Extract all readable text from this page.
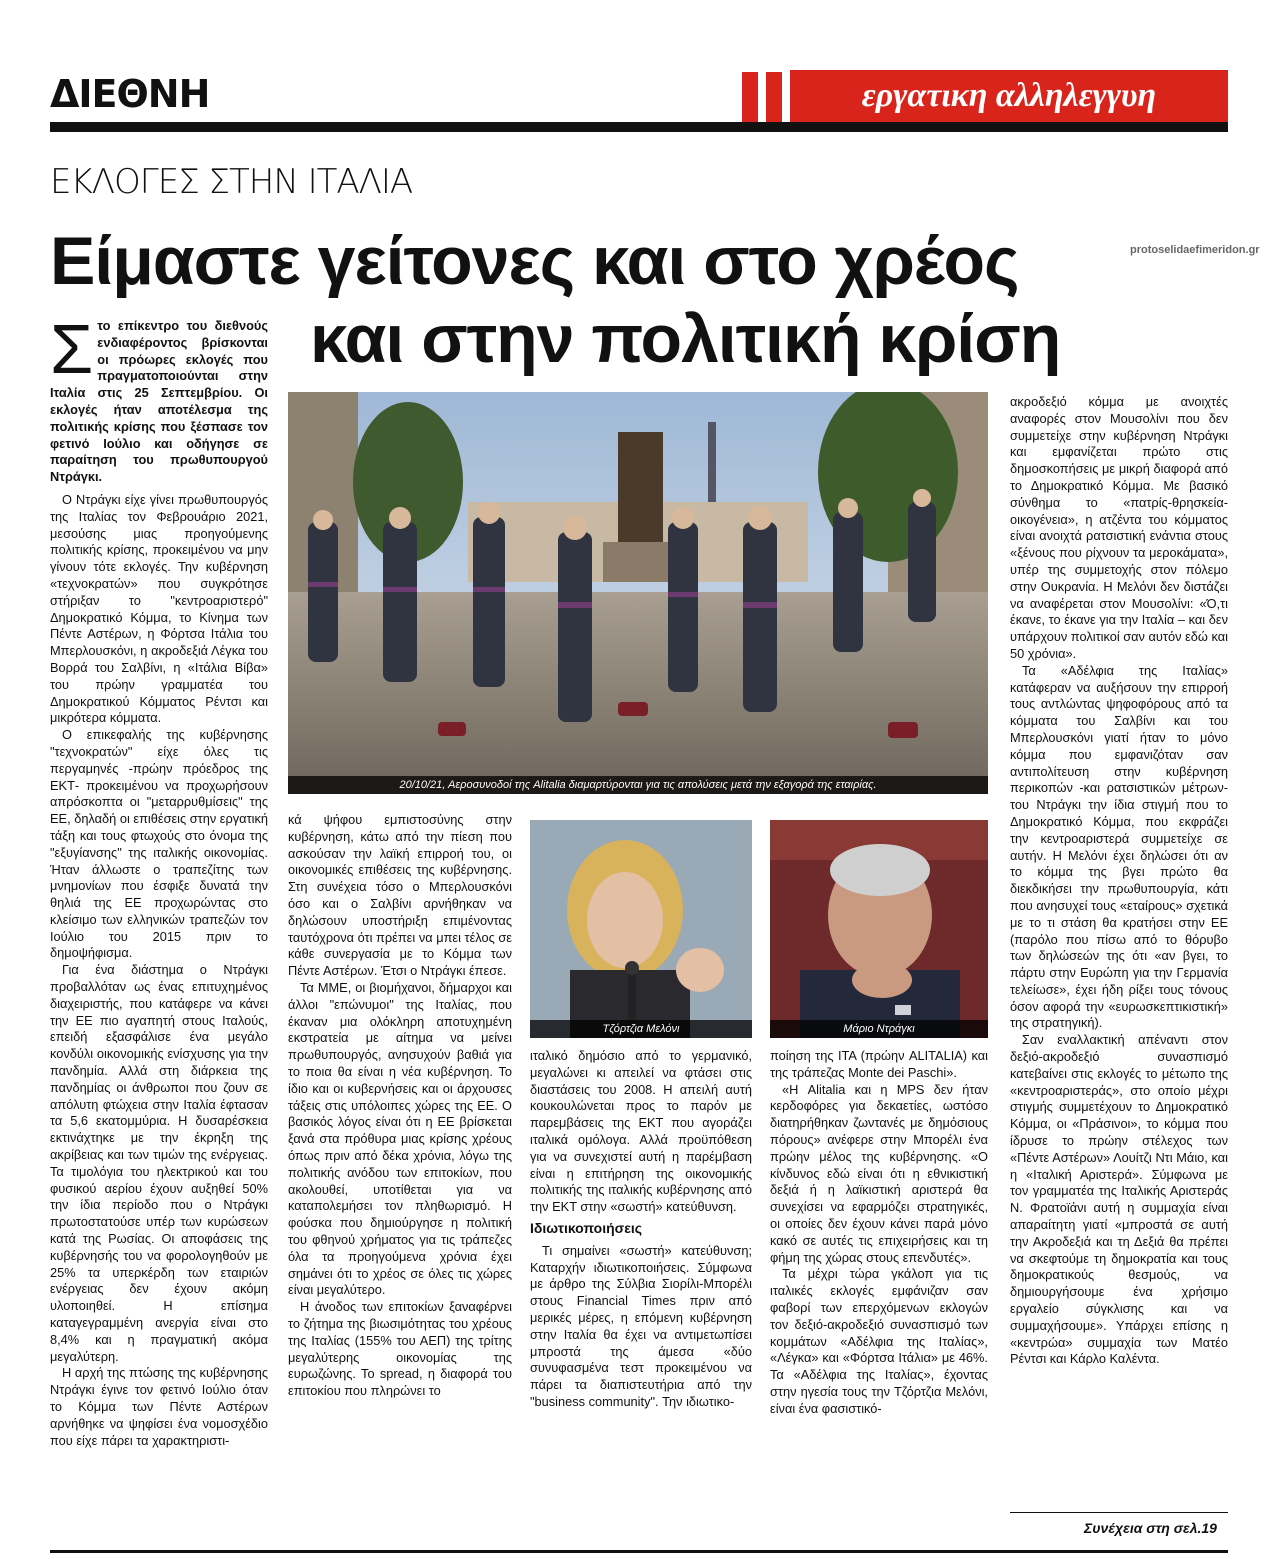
ΔΙΕΘΝΗ	εργατικη αλληλεγγυη
ΕΚΛΟΓΕΣ ΣΤΗΝ ΙΤΑΛΙΑ
Είμαστε γείτονες και στο χρέος
και στην πολιτική κρίση
protoselidaefimeridon.gr

Στο επίκεντρο του διεθνούς ενδιαφέροντος βρίσκονται οι πρόωρες εκλογές που πραγματοποιούνται στην Ιταλία στις 25 Σεπτεμβρίου. Οι εκλογές ήταν αποτέλεσμα της πολιτικής κρίσης που ξέσπασε τον φετινό Ιούλιο και οδήγησε σε παραίτηση του πρωθυπουργού Ντράγκι.

Ο Ντράγκι είχε γίνει πρωθυπουργός της Ιταλίας τον Φεβρουάριο 2021, μεσούσης μιας προηγούμενης πολιτικής κρίσης, προκειμένου να μην γίνουν τότε εκλογές. Την κυβέρνηση «τεχνοκρατών» που συγκρότησε στήριξαν το "κεντροαριστερό" Δημοκρατικό Κόμμα, το Κίνημα των Πέντε Αστέρων, η Φόρτσα Ιτάλια του Μπερλουσκόνι, η ακροδεξιά Λέγκα του Βορρά του Σαλβίνι, η «Ιτάλια Βίβα» του πρώην γραμματέα του Δημοκρατικού Κόμματος Ρέντσι και μικρότερα κόμματα.

Ο επικεφαλής της κυβέρνησης "τεχνοκρατών" είχε όλες τις περγαμηνές -πρώην πρόεδρος της ΕΚΤ- προκειμένου να προχωρήσουν απρόσκοπτα οι "μεταρρυθμίσεις" της ΕΕ, δηλαδή οι επιθέσεις στην εργατική τάξη και τους φτωχούς στο όνομα της "εξυγίανσης" της ιταλικής οικονομίας. Ήταν άλλωστε ο τραπεζίτης των μνημονίων που έσφιξε δυνατά την θηλιά της ΕΕ προχωρώντας στο κλείσιμο των ελληνικών τραπεζών τον Ιούλιο του 2015 πριν το δημοψήφισμα.

Για ένα διάστημα ο Ντράγκι προβαλλόταν ως ένας επιτυχημένος διαχειριστής, που κατάφερε να κάνει την ΕΕ πιο αγαπητή στους Ιταλούς, επειδή εξασφάλισε ένα μεγάλο κονδύλι οικονομικής ενίσχυσης για την πανδημία. Αλλά στη διάρκεια της πανδημίας οι άνθρωποι που ζουν σε απόλυτη φτώχεια στην Ιταλία έφτασαν τα 5,6 εκατομμύρια. Η δυσαρέσκεια εκτινάχτηκε με την έκρηξη της ακρίβειας και των τιμών της ενέργειας. Τα τιμολόγια του ηλεκτρικού και του φυσικού αερίου έχουν αυξηθεί 50% την ίδια περίοδο που ο Ντράγκι πρωτοστατούσε υπέρ των κυρώσεων κατά της Ρωσίας. Οι αποφάσεις της κυβέρνησής του να φορολογηθούν με 25% τα υπερκέρδη των εταιριών ενέργειας δεν έχουν ακόμη υλοποιηθεί. Η επίσημα καταγεγραμμένη ανεργία είναι στο 8,4% και η πραγματική ακόμα μεγαλύτερη.

Η αρχή της πτώσης της κυβέρνησης Ντράγκι έγινε τον φετινό Ιούλιο όταν το Κόμμα των Πέντε Αστέρων αρνήθηκε να ψηφίσει ένα νομοσχέδιο που είχε πάρει τα χαρακτηριστι-

20/10/21, Αεροσυνοδοί της Alitalia διαμαρτύρονται για τις απολύσεις μετά την εξαγορά της εταιρίας.

κά ψήφου εμπιστοσύνης στην κυβέρνηση, κάτω από την πίεση που ασκούσαν την λαϊκή επιρροή του, οι οικονομικές επιθέσεις της κυβέρνησης. Στη συνέχεια τόσο ο Μπερλουσκόνι όσο και ο Σαλβίνι αρνήθηκαν να δηλώσουν υποστήριξη επιμένοντας ταυτόχρονα ότι πρέπει να μπει τέλος σε κάθε συνεργασία με το Κόμμα των Πέντε Αστέρων. Έτσι ο Ντράγκι έπεσε.

Τα ΜΜΕ, οι βιομήχανοι, δήμαρχοι και άλλοι "επώνυμοι" της Ιταλίας, που έκαναν μια ολόκληρη αποτυχημένη εκστρατεία με αίτημα να μείνει πρωθυπουργός, ανησυχούν βαθιά για το ποια θα είναι η νέα κυβέρνηση. Το ίδιο και οι κυβερνήσεις και οι άρχουσες τάξεις στις υπόλοιπες χώρες της ΕΕ. Ο βασικός λόγος είναι ότι η ΕΕ βρίσκεται ξανά στα πρόθυρα μιας κρίσης χρέους όπως πριν από δέκα χρόνια, λόγω της πολιτικής ανόδου των επιτοκίων, που ακολουθεί, υποτίθεται για να καταπολεμήσει τον πληθωρισμό. Η φούσκα που δημιούργησε η πολιτική του φθηνού χρήματος για τις τράπεζες όλα τα προηγούμενα χρόνια έχει σημάνει ότι το χρέος σε όλες τις χώρες είναι μεγαλύτερο.

Η άνοδος των επιτοκίων ξαναφέρνει το ζήτημα της βιωσιμότητας του χρέους της Ιταλίας (155% του ΑΕΠ) της τρίτης μεγαλύτερης οικονομίας της ευρωζώνης. Το spread, η διαφορά του επιτοκίου που πληρώνει το

Τζόρτζια Μελόνι	Μάριο Ντράγκι

ιταλικό δημόσιο από το γερμανικό, μεγαλώνει κι απειλεί να φτάσει στις διαστάσεις του 2008. Η απειλή αυτή κουκουλώνεται προς το παρόν με παρεμβάσεις της ΕΚΤ που αγοράζει ιταλικά ομόλογα. Αλλά προϋπόθεση για να συνεχιστεί αυτή η παρέμβαση είναι η επιτήρηση της οικονομικής πολιτικής της ιταλικής κυβέρνησης από την ΕΚΤ στην «σωστή» κατεύθυνση.

Ιδιωτικοποιήσεις

Τι σημαίνει «σωστή» κατεύθυνση; Καταρχήν ιδιωτικοποιήσεις. Σύμφωνα με άρθρο της Σύλβια Σιορίλι-Μπορέλι στους Financial Times πριν από μερικές μέρες, η επόμενη κυβέρνηση στην Ιταλία θα έχει να αντιμετωπίσει μπροστά της άμεσα «δύο συνυφασμένα τεστ προκειμένου να πάρει τα διαπιστευτήρια από την "business community". Την ιδιωτικο-

ποίηση της ΙΤΑ (πρώην ALITALIA) και της τράπεζας Monte dei Paschi».

«Η Alitalia και η MPS δεν ήταν κερδοφόρες για δεκαετίες, ωστόσο διατηρήθηκαν ζωντανές με δημόσιους πόρους» ανέφερε στην Μπορέλι ένα πρώην μέλος της κυβέρνησης. «Ο κίνδυνος εδώ είναι ότι η εθνικιστική δεξιά ή η λαϊκιστική αριστερά θα συνεχίσει να εφαρμόζει στρατηγικές, οι οποίες δεν έχουν κάνει παρά μόνο κακό σε αυτές τις επιχειρήσεις και τη φήμη της χώρας στους επενδυτές».

Τα μέχρι τώρα γκάλοπ για τις ιταλικές εκλογές εμφάνιζαν σαν φαβορί των επερχόμενων εκλογών τον δεξιό-ακροδεξιό συνασπισμό των κομμάτων «Αδέλφια της Ιταλίας», «Λέγκα» και «Φόρτσα Ιτάλια» με 46%. Τα «Αδέλφια της Ιταλίας», έχοντας στην ηγεσία τους την Τζόρτζια Μελόνι, είναι ένα φασιστικό-

ακροδεξιό κόμμα με ανοιχτές αναφορές στον Μουσολίνι που δεν συμμετείχε στην κυβέρνηση Ντράγκι και εμφανίζεται πρώτο στις δημοσκοπήσεις με μικρή διαφορά από το Δημοκρατικό Κόμμα. Με βασικό σύνθημα το «πατρίς-θρησκεία-οικογένεια», η ατζέντα του κόμματος είναι ανοιχτά ρατσιστική ενάντια στους «ξένους που ρίχνουν τα μεροκάματα», υπέρ της συμμετοχής στον πόλεμο στην Ουκρανία. Η Μελόνι δεν διστάζει να αναφέρεται στον Μουσολίνι: «Ό,τι έκανε, το έκανε για την Ιταλία – και δεν υπάρχουν πολιτικοί σαν αυτόν εδώ και 50 χρόνια».

Τα «Αδέλφια της Ιταλίας» κατάφεραν να αυξήσουν την επιρροή τους αντλώντας ψηφοφόρους από τα κόμματα του Σαλβίνι και του Μπερλουσκόνι γιατί ήταν το μόνο κόμμα που εμφανιζόταν σαν αντιπολίτευση στην κυβέρνηση περικοπών -και ρατσιστικών μέτρων- του Ντράγκι την ίδια στιγμή που το Δημοκρατικό Κόμμα, που εκφράζει την κεντροαριστερά συμμετείχε σε αυτήν. Η Μελόνι έχει δηλώσει ότι αν το κόμμα της βγει πρώτο θα διεκδικήσει την πρωθυπουργία, κάτι που ανησυχεί τους «εταίρους» σχετικά με το τι στάση θα κρατήσει στην ΕΕ (παρόλο που πίσω από το θόρυβο των δηλώσεών της ότι «αν βγει, το πάρτυ στην Ευρώπη για την Γερμανία τελείωσε», έχει ήδη ρίξει τους τόνους όσον αφορά την «ευρωσκεπτικιστική» της στρατηγική).

Σαν εναλλακτική απέναντι στον δεξιό-ακροδεξιό συνασπισμό κατεβαίνει στις εκλογές το μέτωπο της «κεντροαριστεράς», στο οποίο μέχρι στιγμής συμμετέχουν το Δημοκρατικό Κόμμα, οι «Πράσινοι», το κόμμα που ίδρυσε το πρώην στέλεχος των «Πέντε Αστέρων» Λουίτζι Ντι Μάιο, και η «Ιταλική Αριστερά». Σύμφωνα με τον γραμματέα της Ιταλικής Αριστεράς Ν. Φρατοϊάνι αυτή η συμμαχία είναι απαραίτητη γιατί «μπροστά σε αυτή την Ακροδεξιά και τη Δεξιά θα πρέπει να σκεφτούμε τη δημοκρατία και τους δημοκρατικούς θεσμούς, να δημιουργήσουμε ένα χρήσιμο εργαλείο σύγκλισης και να συμμαχήσουμε». Υπάρχει επίσης η «κεντρώα» συμμαχία των Ματέο Ρέντσι και Κάρλο Καλέντα.

Συνέχεια στη σελ.19
